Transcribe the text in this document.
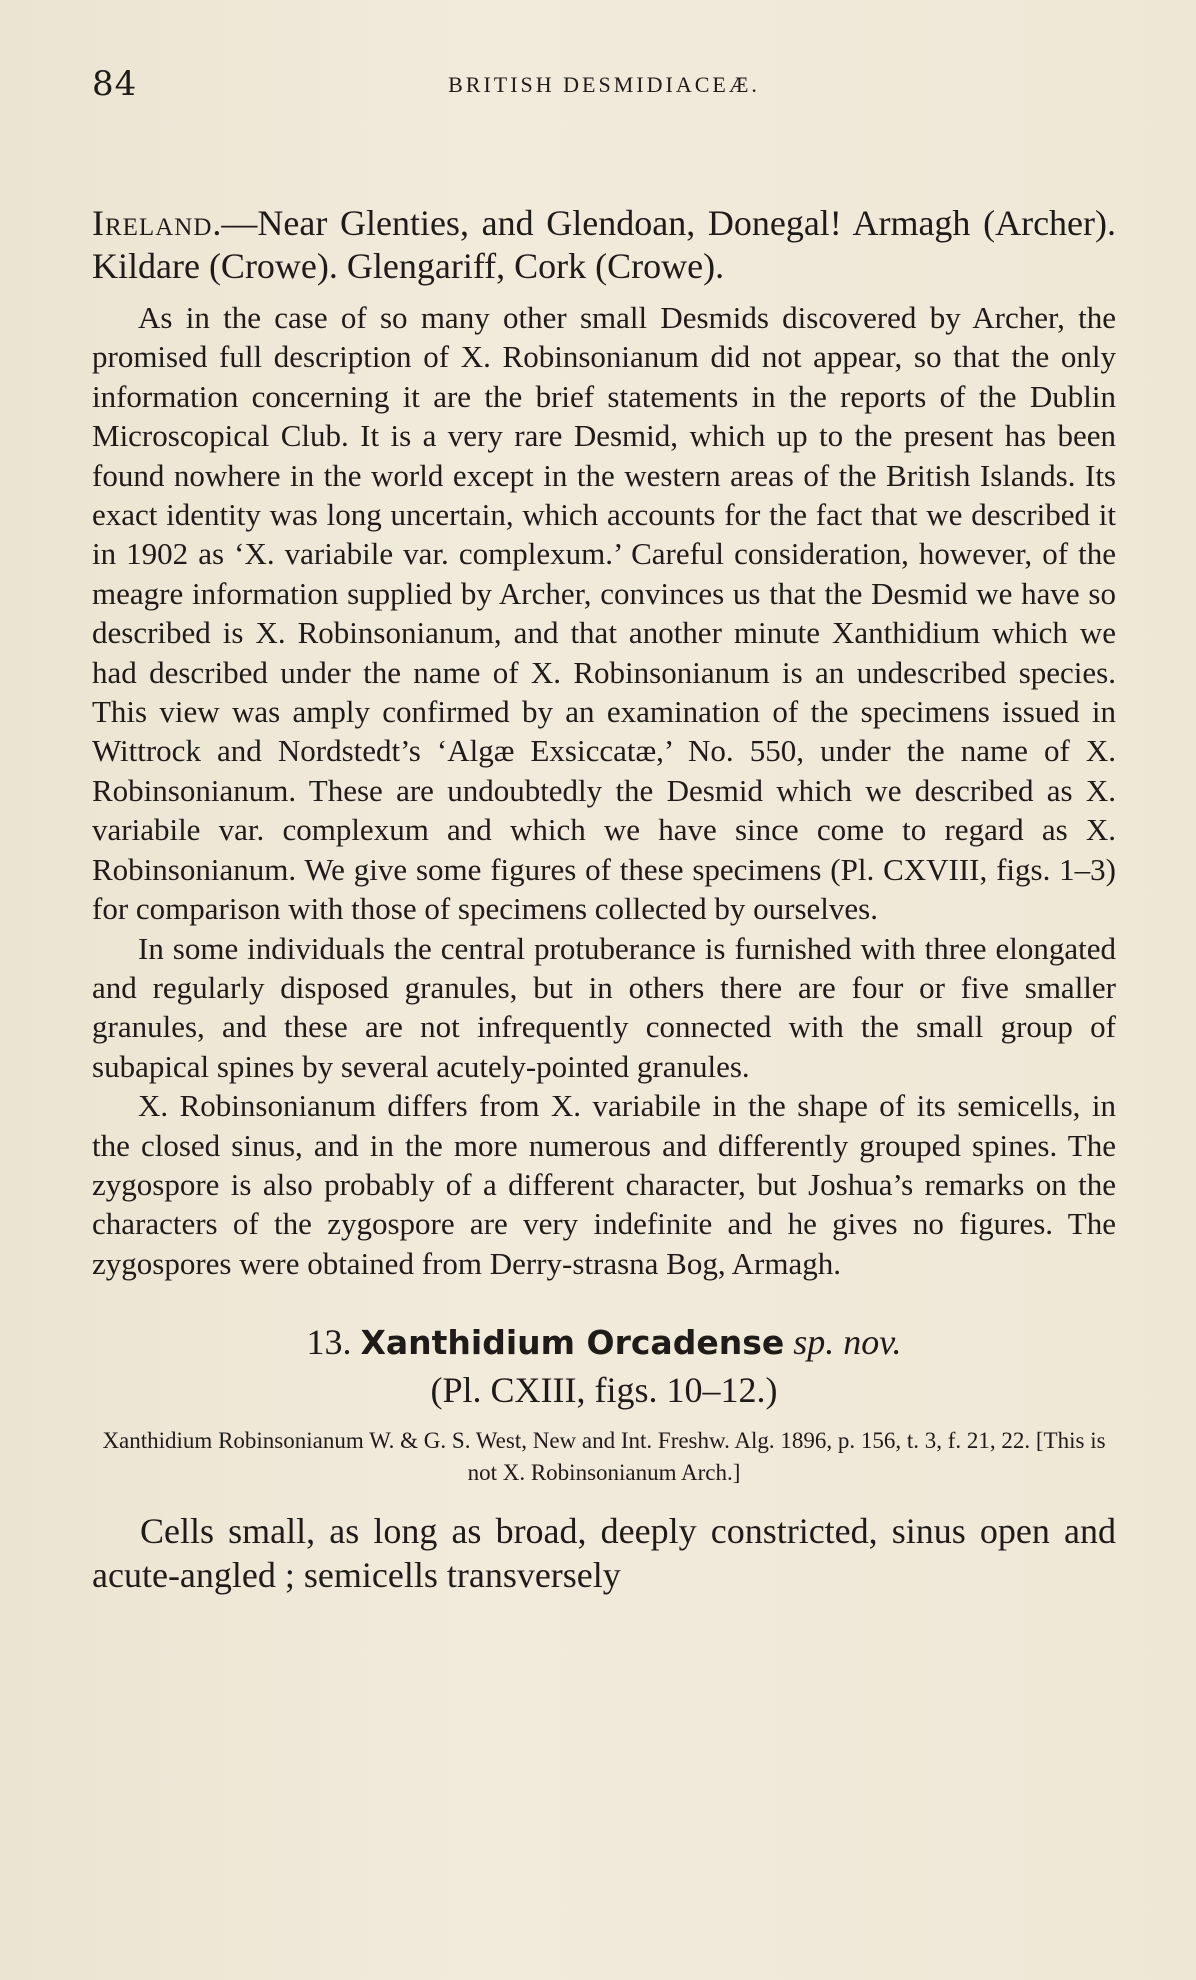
84	BRITISH DESMIDIACEÆ.

Ireland.—Near Glenties, and Glendoan, Donegal! Armagh (Archer). Kildare (Crowe). Glengariff, Cork (Crowe).

As in the case of so many other small Desmids discovered by Archer, the promised full description of X. Robinsonianum did not appear, so that the only information concerning it are the brief statements in the reports of the Dublin Microscopical Club. It is a very rare Desmid, which up to the present has been found nowhere in the world except in the western areas of the British Islands. Its exact identity was long uncertain, which accounts for the fact that we described it in 1902 as ‘X. variabile var. complexum.’ Careful consideration, however, of the meagre information supplied by Archer, convinces us that the Desmid we have so described is X. Robinsonianum, and that another minute Xanthidium which we had described under the name of X. Robinsonianum is an undescribed species. This view was amply confirmed by an examination of the specimens issued in Wittrock and Nordstedt’s ‘Algæ Exsiccatæ,’ No. 550, under the name of X. Robinsonianum. These are undoubtedly the Desmid which we described as X. variabile var. complexum and which we have since come to regard as X. Robinsonianum. We give some figures of these specimens (Pl. CXVIII, figs. 1–3) for comparison with those of specimens collected by ourselves.

In some individuals the central protuberance is furnished with three elongated and regularly disposed granules, but in others there are four or five smaller granules, and these are not infrequently connected with the small group of subapical spines by several acutely-pointed granules.

X. Robinsonianum differs from X. variabile in the shape of its semicells, in the closed sinus, and in the more numerous and differently grouped spines. The zygospore is also probably of a different character, but Joshua’s remarks on the characters of the zygospore are very indefinite and he gives no figures. The zygospores were obtained from Derry-strasna Bog, Armagh.

13. Xanthidium Orcadense sp. nov.
(Pl. CXIII, figs. 10–12.)
Xanthidium Robinsonianum W. & G. S. West, New and Int. Freshw. Alg. 1896, p. 156, t. 3, f. 21, 22. [This is not X. Robinsonianum Arch.]

Cells small, as long as broad, deeply constricted, sinus open and acute-angled ; semicells transversely
